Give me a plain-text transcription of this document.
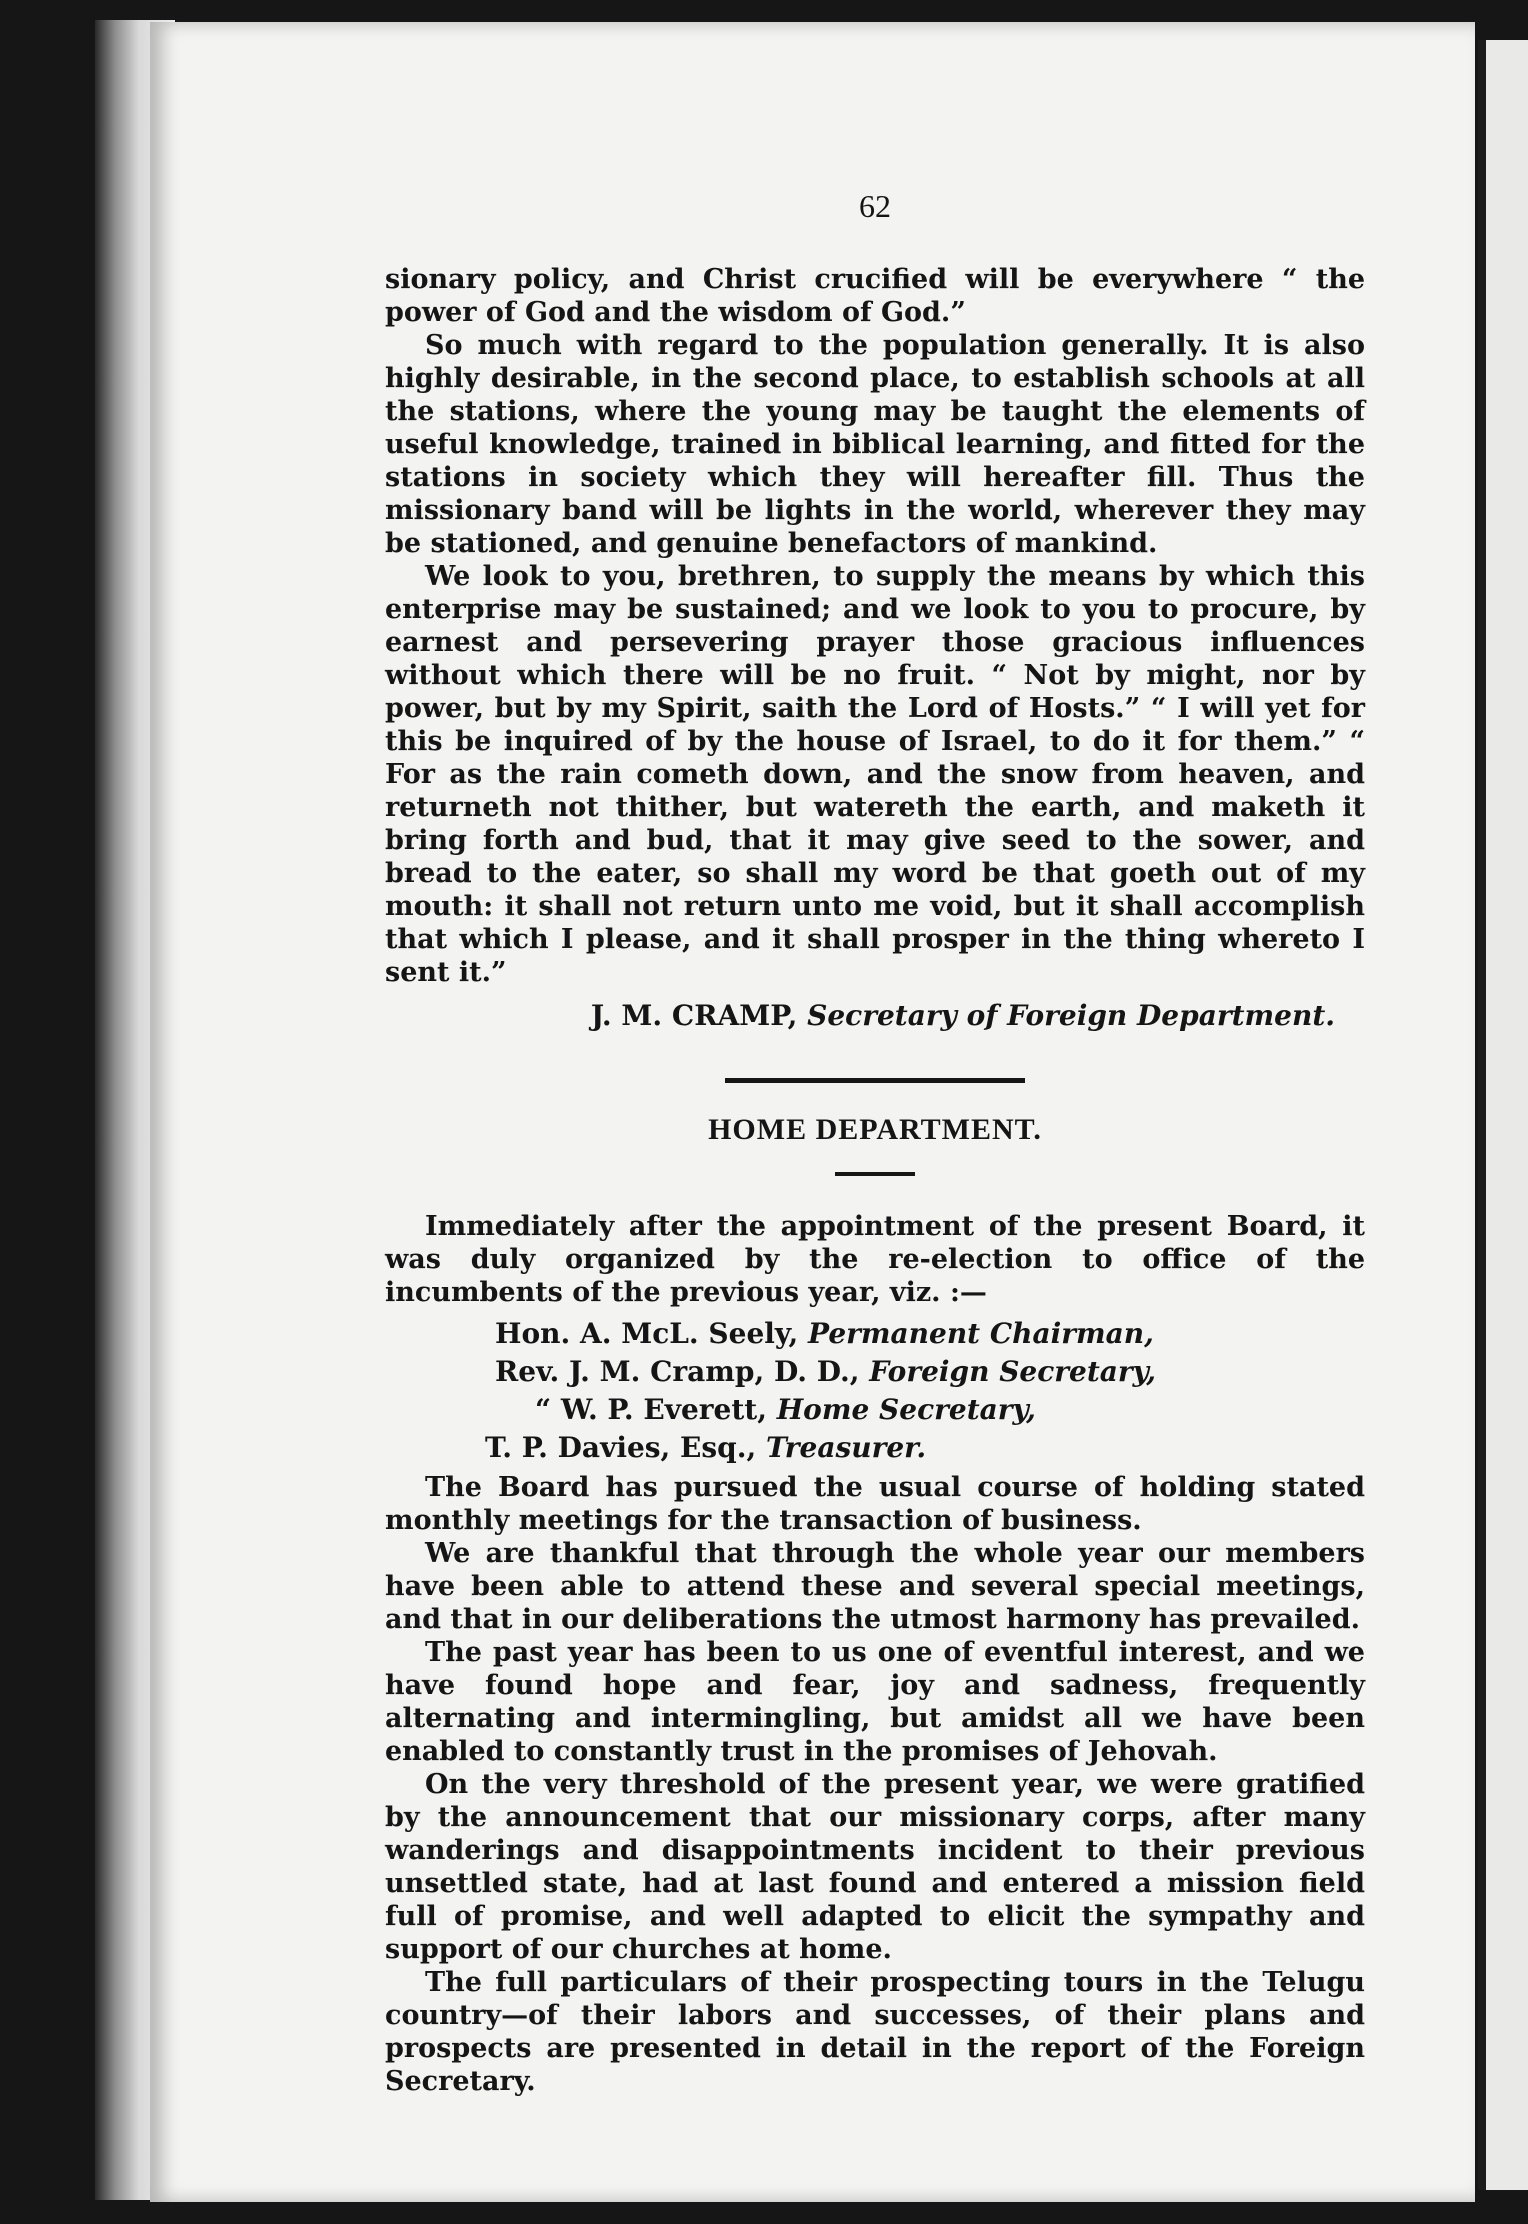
62

sionary policy, and Christ crucified will be everywhere “ the power of God and the wisdom of God.”

So much with regard to the population generally. It is also highly desirable, in the second place, to establish schools at all the stations, where the young may be taught the elements of useful knowledge, trained in biblical learning, and fitted for the stations in society which they will hereafter fill. Thus the missionary band will be lights in the world, wherever they may be stationed, and genuine benefactors of mankind.

We look to you, brethren, to supply the means by which this enterprise may be sustained; and we look to you to procure, by earnest and persevering prayer those gracious influences without which there will be no fruit. “ Not by might, nor by power, but by my Spirit, saith the Lord of Hosts.” “ I will yet for this be inquired of by the house of Israel, to do it for them.” “ For as the rain cometh down, and the snow from heaven, and returneth not thither, but watereth the earth, and maketh it bring forth and bud, that it may give seed to the sower, and bread to the eater, so shall my word be that goeth out of my mouth: it shall not return unto me void, but it shall accomplish that which I please, and it shall prosper in the thing whereto I sent it.”

J. M. CRAMP, Secretary of Foreign Department.
HOME DEPARTMENT.

Immediately after the appointment of the present Board, it was duly organized by the re-election to office of the incumbents of the previous year, viz. :—

Hon. A. McL. Seely, Permanent Chairman,
Rev. J. M. Cramp, D. D., Foreign Secretary,
“ W. P. Everett, Home Secretary,
T. P. Davies, Esq., Treasurer.

The Board has pursued the usual course of holding stated monthly meetings for the transaction of business.

We are thankful that through the whole year our members have been able to attend these and several special meetings, and that in our deliberations the utmost harmony has prevailed.

The past year has been to us one of eventful interest, and we have found hope and fear, joy and sadness, frequently alternating and intermingling, but amidst all we have been enabled to constantly trust in the promises of Jehovah.

On the very threshold of the present year, we were gratified by the announcement that our missionary corps, after many wanderings and disappointments incident to their previous unsettled state, had at last found and entered a mission field full of promise, and well adapted to elicit the sympathy and support of our churches at home.

The full particulars of their prospecting tours in the Telugu country—of their labors and successes, of their plans and prospects are presented in detail in the report of the Foreign Secretary.
